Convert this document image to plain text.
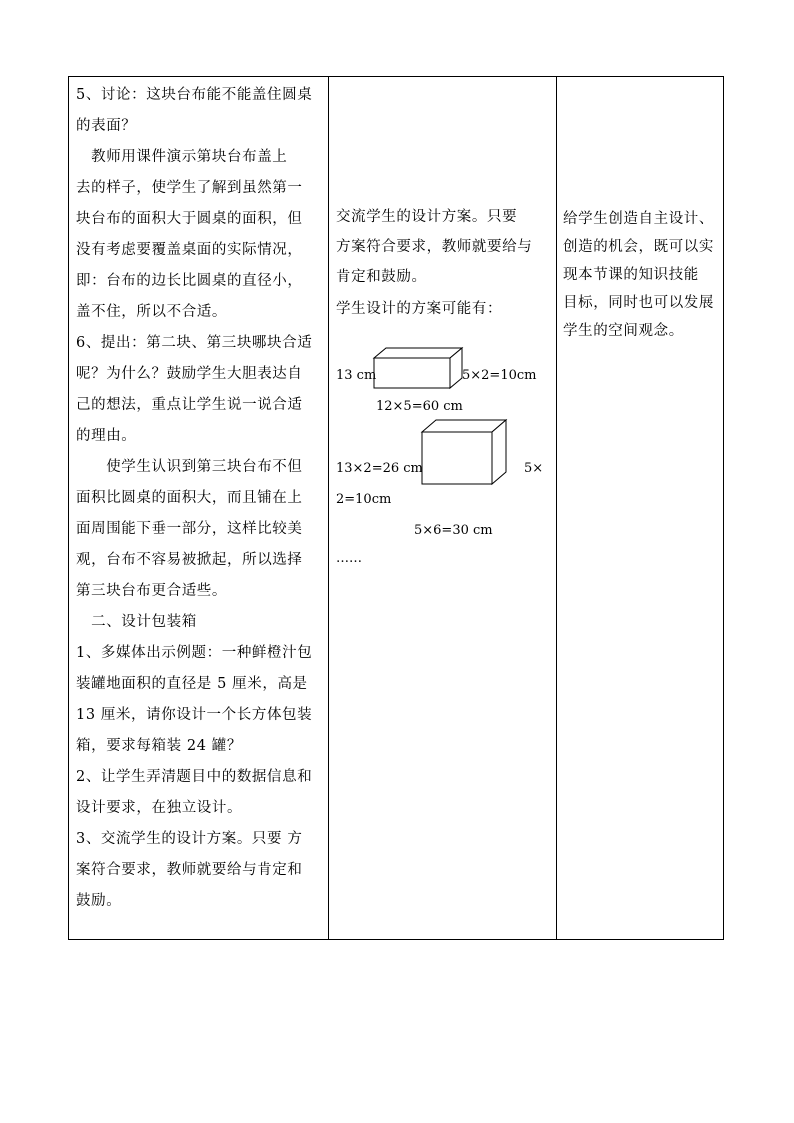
5、讨论：这块台布能不能盖住圆桌
的表面？
　教师用课件演示第块台布盖上
去的样子，使学生了解到虽然第一
块台布的面积大于圆桌的面积，但
没有考虑要覆盖桌面的实际情况，
即：台布的边长比圆桌的直径小，
盖不住，所以不合适。
6、提出：第二块、第三块哪块合适
呢？为什么？鼓励学生大胆表达自
己的想法，重点让学生说一说合适
的理由。
　　使学生认识到第三块台布不但
面积比圆桌的面积大，而且铺在上
面周围能下垂一部分，这样比较美
观，台布不容易被掀起，所以选择
第三块台布更合适些。
　二、设计包装箱
1、多媒体出示例题：一种鲜橙汁包
装罐地面积的直径是 5 厘米，高是
13 厘米，请你设计一个长方体包装
箱，要求每箱装 24 罐？
2、让学生弄清题目中的数据信息和
设计要求，在独立设计。
3、交流学生的设计方案。只要 方
案符合要求，教师就要给与肯定和
鼓励。
交流学生的设计方案。只要
方案符合要求，教师就要给与
肯定和鼓励。
学生设计的方案可能有：
13 cm	5×2=10cm
12×5=60 cm
13×2=26 cm	5×
2=10cm
5×6=30 cm
……
给学生创造自主设计、
创造的机会，既可以实
现本节课的知识技能
目标，同时也可以发展
学生的空间观念。
